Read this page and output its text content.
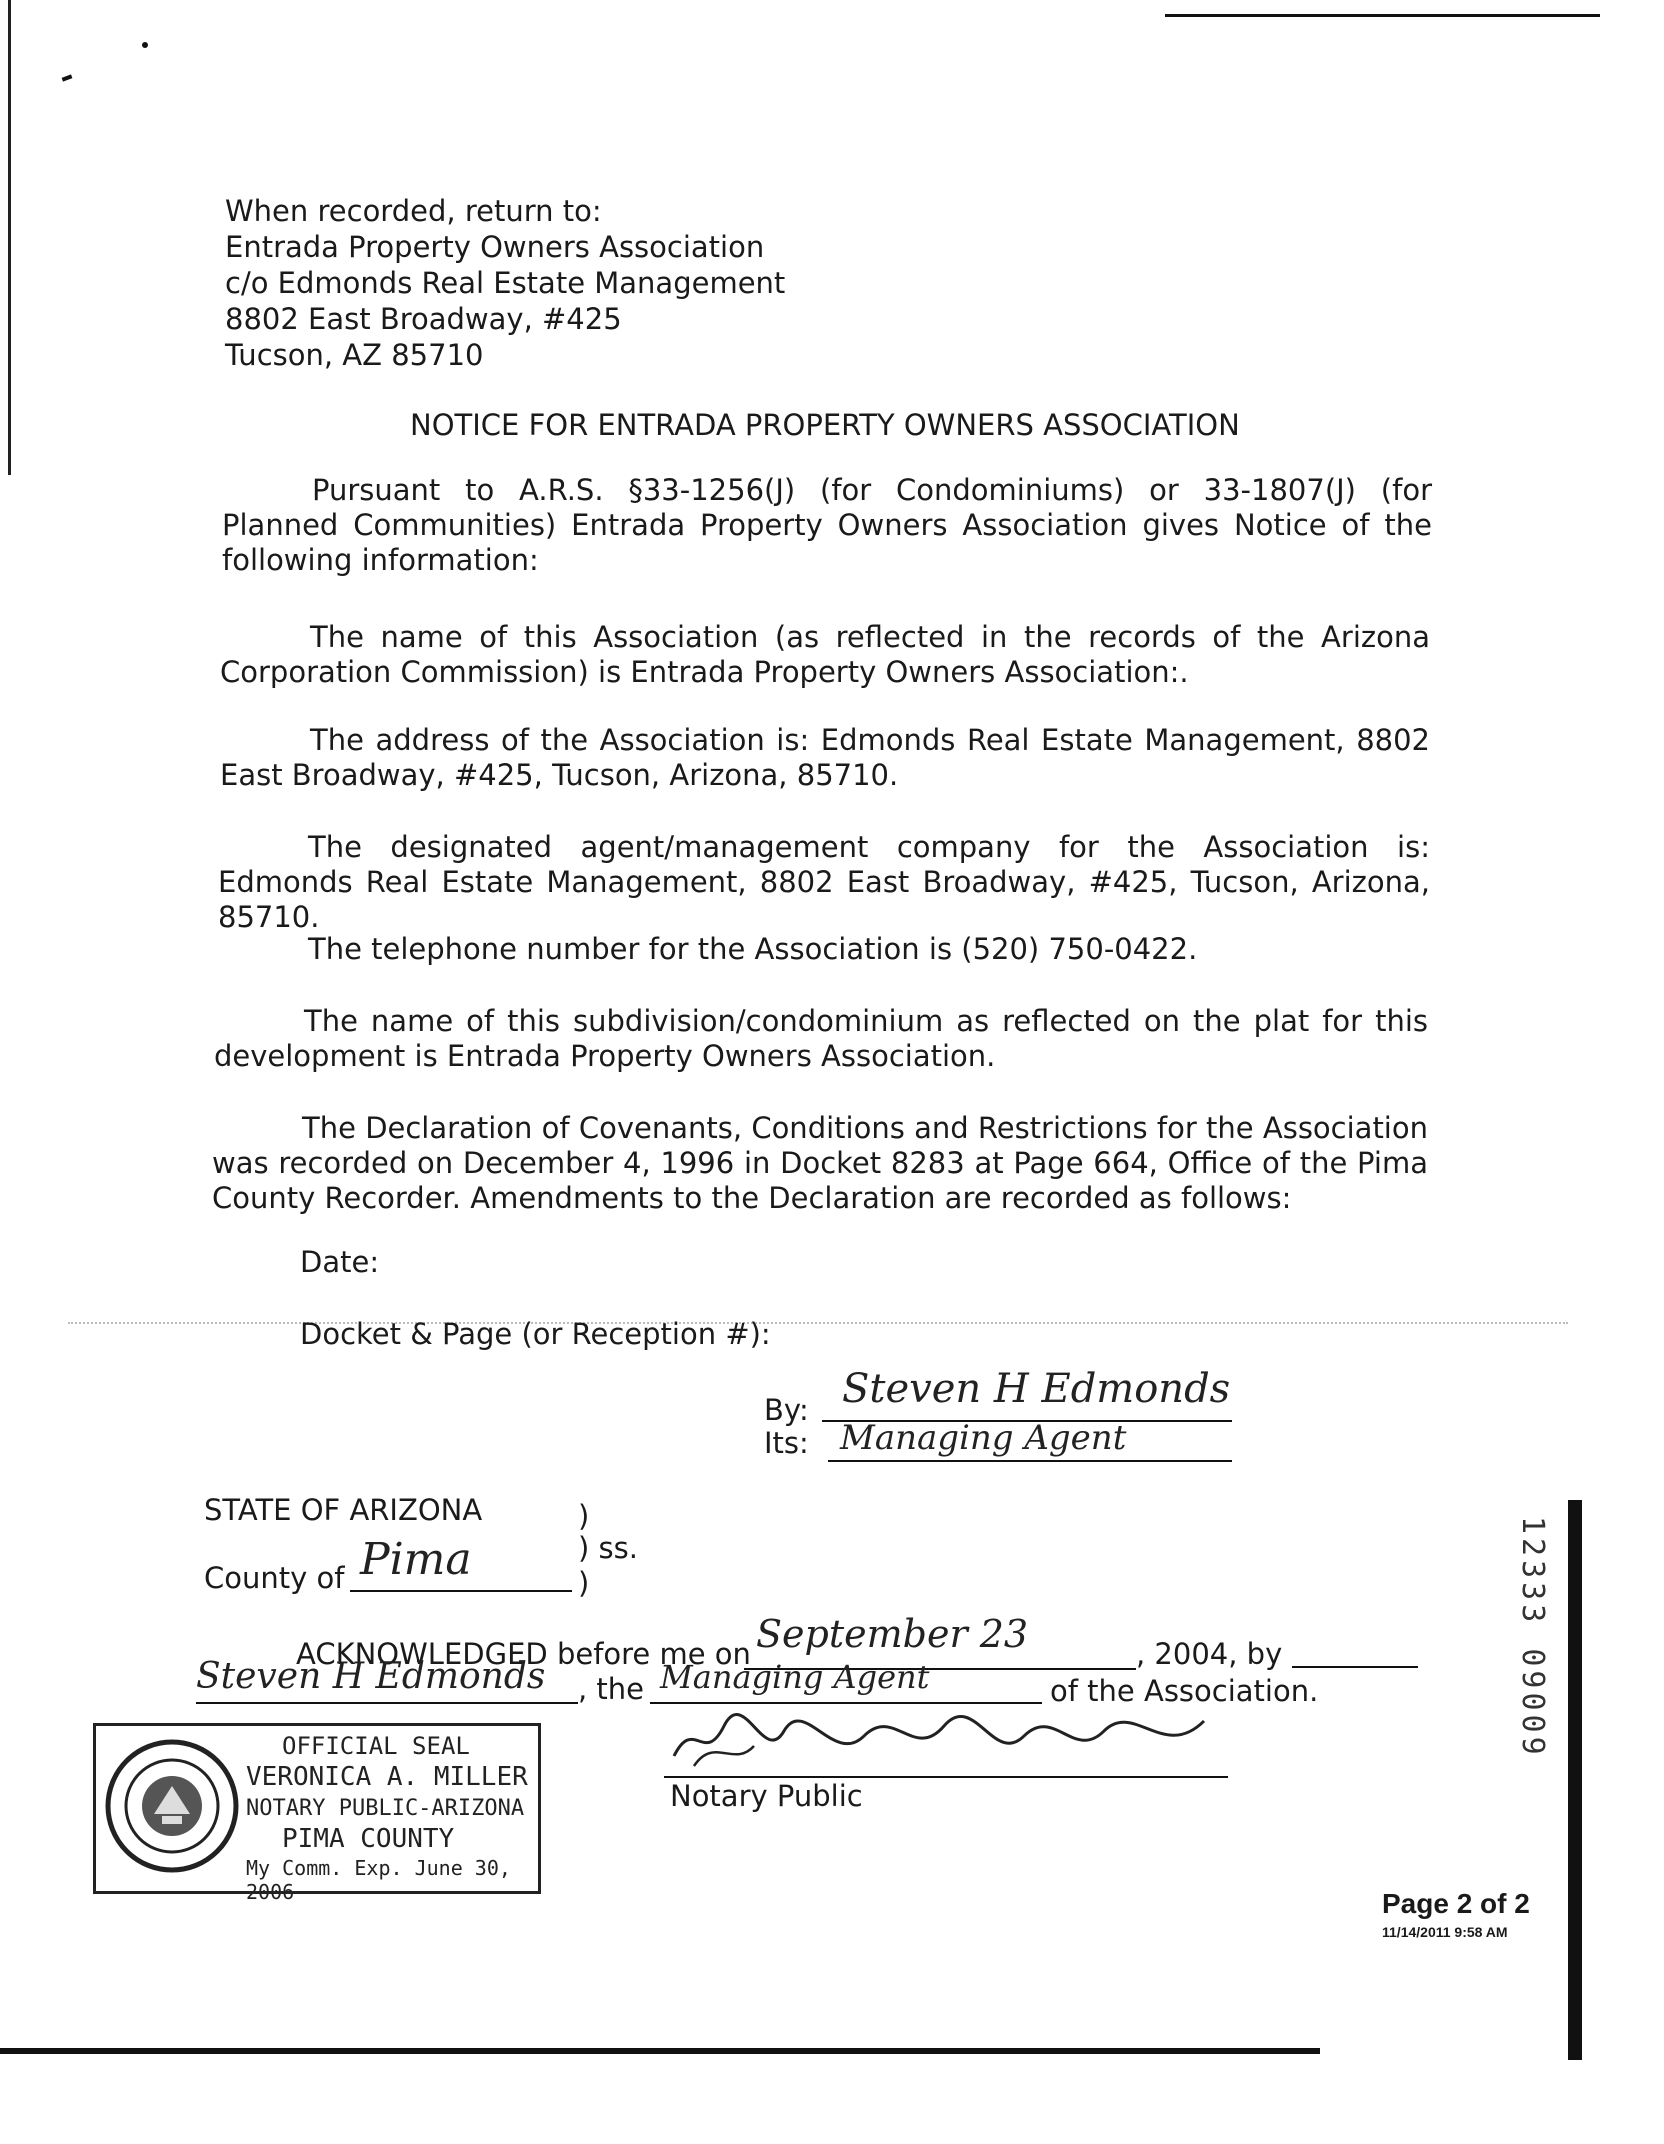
When recorded, return to:
Entrada Property Owners Association
c/o Edmonds Real Estate Management
8802 East Broadway, #425
Tucson, AZ 85710
NOTICE FOR ENTRADA PROPERTY OWNERS ASSOCIATION
Pursuant to A.R.S. §33-1256(J) (for Condominiums) or 33-1807(J) (for Planned Communities) Entrada Property Owners Association gives Notice of the following information:
The name of this Association (as reflected in the records of the Arizona Corporation Commission) is Entrada Property Owners Association:.
The address of the Association is: Edmonds Real Estate Management, 8802 East Broadway, #425, Tucson, Arizona, 85710.
The designated agent/management company for the Association is: Edmonds Real Estate Management, 8802 East Broadway, #425, Tucson, Arizona, 85710.
The telephone number for the Association is (520) 750-0422.
The name of this subdivision/condominium as reflected on the plat for this development is Entrada Property Owners Association.
The Declaration of Covenants, Conditions and Restrictions for the Association was recorded on December 4, 1996 in Docket 8283 at Page 664, Office of the Pima County Recorder. Amendments to the Declaration are recorded as follows:
Date:
Docket & Page (or Reception #):
By: Steven H Edmonds
Its: Managing Agent
STATE OF ARIZONA	)
) ss.
County of Pima	)
ACKNOWLEDGED before me on September 23	, 2004, by
Steven H Edmonds , the Managing Agent	of the Association.
Notary Public
OFFICIAL SEAL
VERONICA A. MILLER
NOTARY PUBLIC-ARIZONA
PIMA COUNTY
My Comm. Exp. June 30, 2006
12333 09009
Page 2 of 2
11/14/2011 9:58 AM
